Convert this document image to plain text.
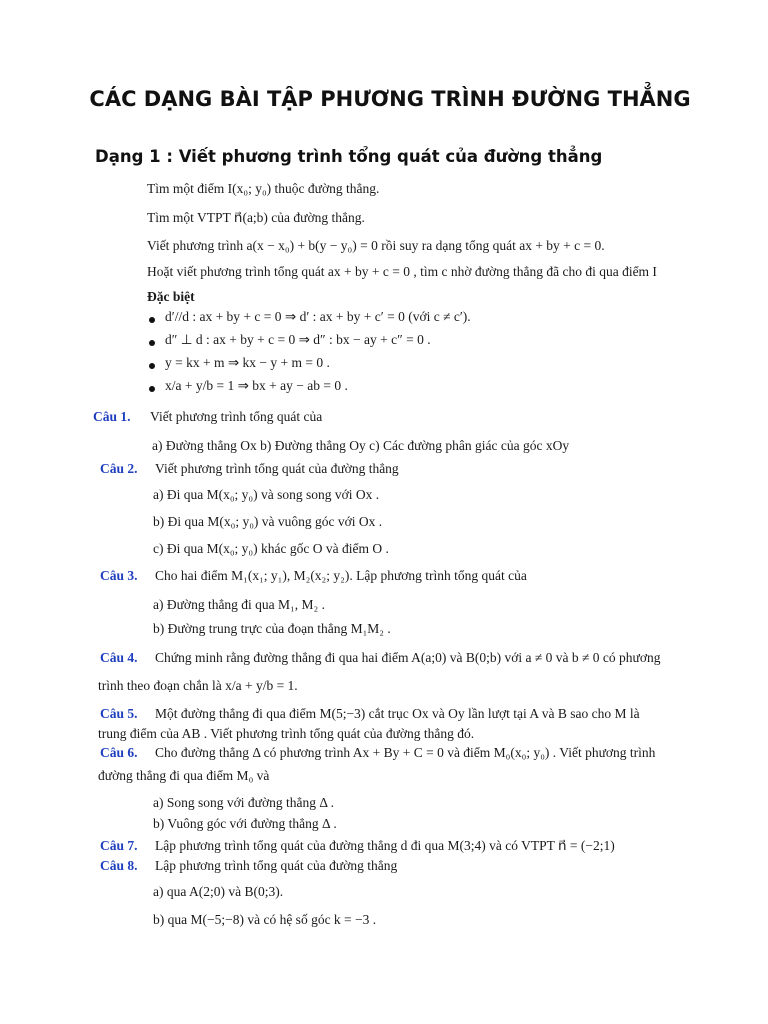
CÁC DẠNG BÀI TẬP PHƯƠNG TRÌNH ĐƯỜNG THẲNG
Dạng 1 : Viết phương trình tổng quát của đường thẳng
Tìm một điểm I(x₀; y₀) thuộc đường thẳng.
Tìm một VTPT n⃗(a;b) của đường thẳng.
Viết phương trình a(x − x₀) + b(y − y₀) = 0 rồi suy ra dạng tổng quát ax + by + c = 0.
Hoặt viết phương trình tổng quát ax + by + c = 0 , tìm c nhờ đường thẳng đã cho đi qua điểm I
Đặc biệt
d′//d : ax + by + c = 0 ⇒ d′ : ax + by + c′ = 0 (với c ≠ c′).
d″ ⊥ d : ax + by + c = 0 ⇒ d″ : bx − ay + c″ = 0 .
y = kx + m ⇒ kx − y + m = 0 .
x/a + y/b = 1 ⇒ bx + ay − ab = 0 .
Câu 1. Viết phương trình tổng quát của
a) Đường thẳng Ox b) Đường thẳng Oy c) Các đường phân giác của góc xOy
Câu 2. Viết phương trình tổng quát của đường thẳng
a) Đi qua M(x₀; y₀) và song song với Ox .
b) Đi qua M(x₀; y₀) và vuông góc với Ox .
c) Đi qua M(x₀; y₀) khác gốc O và điểm O .
Câu 3. Cho hai điểm M₁(x₁; y₁), M₂(x₂; y₂). Lập phương trình tổng quát của
a) Đường thẳng đi qua M₁, M₂ .
b) Đường trung trực của đoạn thẳng M₁M₂ .
Câu 4. Chứng minh rằng đường thẳng đi qua hai điểm A(a;0) và B(0;b) với a ≠ 0 và b ≠ 0 có phương
trình theo đoạn chắn là x/a + y/b = 1.
Câu 5. Một đường thẳng đi qua điểm M(5;−3) cắt trục Ox và Oy lần lượt tại A và B sao cho M là
trung điểm của AB . Viết phương trình tổng quát của đường thẳng đó.
Câu 6. Cho đường thẳng Δ có phương trình Ax + By + C = 0 và điểm M₀(x₀; y₀) . Viết phương trình
đường thẳng đi qua điểm M₀ và
a) Song song với đường thẳng Δ .
b) Vuông góc với đường thẳng Δ .
Câu 7. Lập phương trình tổng quát của đường thẳng d đi qua M(3;4) và có VTPT n⃗ = (−2;1)
Câu 8. Lập phương trình tổng quát của đường thẳng
a) qua A(2;0) và B(0;3).
b) qua M(−5;−8) và có hệ số góc k = −3 .
